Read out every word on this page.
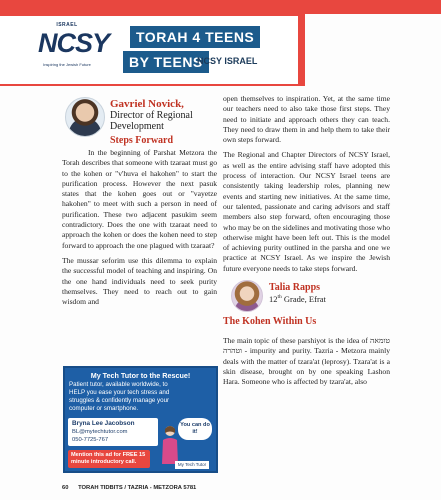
ISRAEL
NCSY
Inspiring the Jewish Future
TORAH 4 TEENS
BY TEENS
NCSY ISRAEL
Gavriel Novick,
Director of Regional Development
Steps Forward

In the beginning of Parshat Metzora the Torah describes that someone with tzaraat must go to the kohen or "v'huva el hakohen" to start the purification process. However the next pasuk states that the kohen goes out or "vayetze hakohen" to meet with such a person in need of purification. These two adjacent pasukim seem contradictory. Does the one with tzaraat need to approach the kohen or does the kohen need to step forward to approach the one plagued with tzaraat?

The mussar seforim use this dilemma to explain the successful model of teaching and inspiring. On the one hand individuals need to seek purity themselves. They need to reach out to gain wisdom and

My Tech Tutor to the Rescue!
Patient tutor, available worldwide, to HELP you ease your tech stress and struggles & confidently manage your computer or smartphone.
Bryna Lee Jacobson
BL@mytechtutor.com
050-7725-767
Mention this ad for FREE 15 minute introductory call.
You can do it!
My Tech Tutor

open themselves to inspiration. Yet, at the same time our teachers need to also take those first steps. They need to initiate and approach others they can teach. They need to draw them in and help them to take their own steps forward.

The Regional and Chapter Directors of NCSY Israel, as well as the entire advising staff have adopted this process of interaction. Our NCSY Israel teens are consistently taking leadership roles, planning new events and starting new initiatives. At the same time, our talented, passionate and caring advisors and staff members also step forward, often encouraging those who may be on the sidelines and motivating those who otherwise might have been left out. This is the model of achieving purity outlined in the parsha and one we practice at NCSY Israel. As we inspire the Jewish future everyone needs to take steps forward.

Talia Rapps
12th Grade, Efrat
The Kohen Within Us

The main topic of these parshiyot is the idea of טומאה וטהרה - impurity and purity. Tazria - Metzora mainly deals with the matter of tzara'at (leprosy). Tzara'at is a skin disease, brought on by one speaking Lashon Hara. Someone who is affected by tzara'at, also

60 TORAH TIDBITS / TAZRIA - METZORA 5781
